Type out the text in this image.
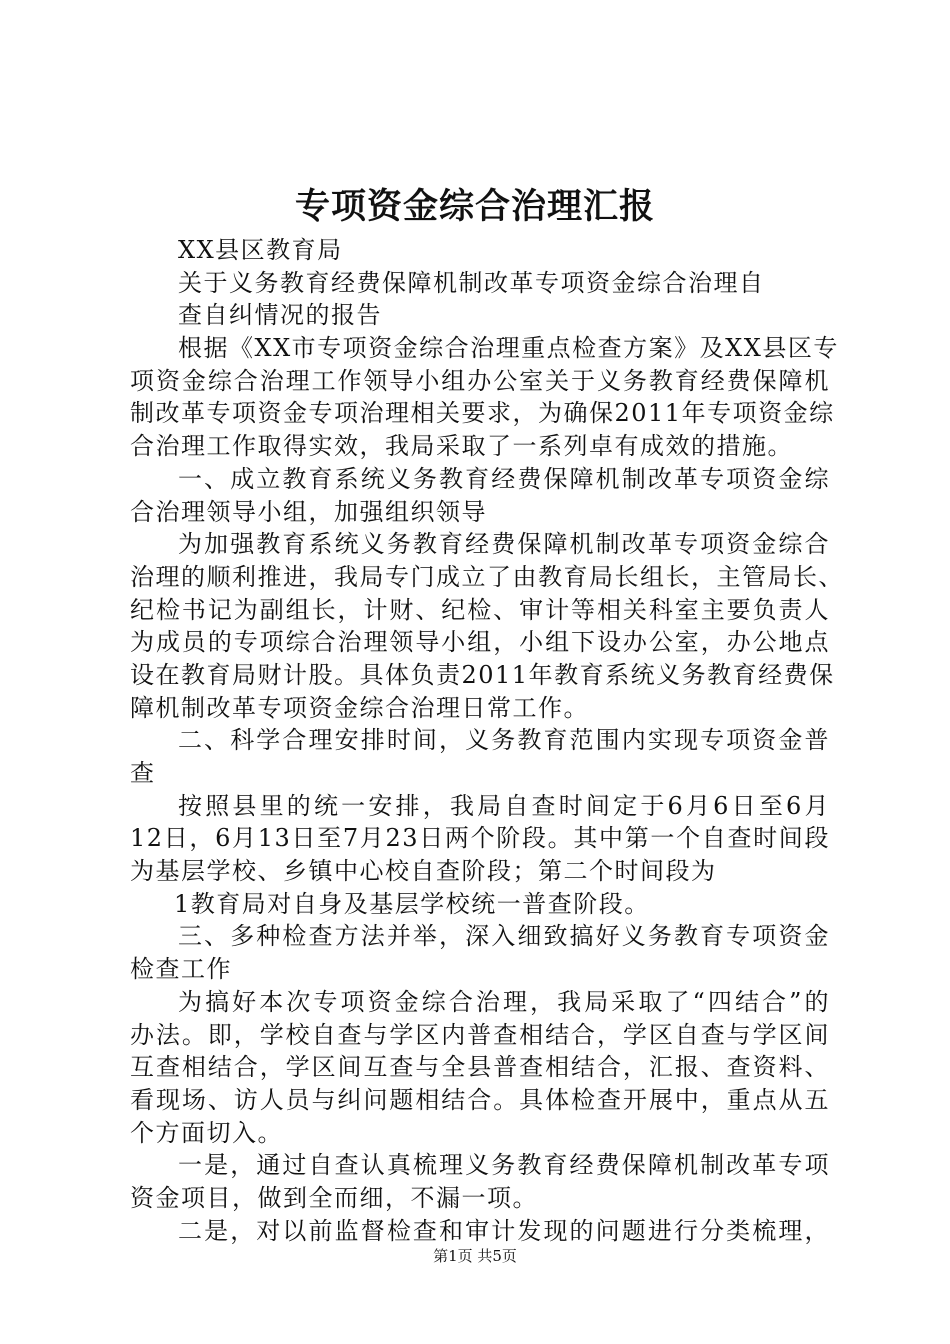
专项资金综合治理汇报
XX县区教育局
关于义务教育经费保障机制改革专项资金综合治理自
查自纠情况的报告
根据《XX市专项资金综合治理重点检查方案》及XX县区专
项资金综合治理工作领导小组办公室关于义务教育经费保障机
制改革专项资金专项治理相关要求，为确保2011年专项资金综
合治理工作取得实效，我局采取了一系列卓有成效的措施。
一、成立教育系统义务教育经费保障机制改革专项资金综
合治理领导小组，加强组织领导
为加强教育系统义务教育经费保障机制改革专项资金综合
治理的顺利推进，我局专门成立了由教育局长组长，主管局长、
纪检书记为副组长，计财、纪检、审计等相关科室主要负责人
为成员的专项综合治理领导小组，小组下设办公室，办公地点
设在教育局财计股。具体负责2011年教育系统义务教育经费保
障机制改革专项资金综合治理日常工作。
二、科学合理安排时间，义务教育范围内实现专项资金普
查
按照县里的统一安排，我局自查时间定于6月6日至6月
12日，6月13日至7月23日两个阶段。其中第一个自查时间段
为基层学校、乡镇中心校自查阶段；第二个时间段为
1教育局对自身及基层学校统一普查阶段。
三、多种检查方法并举，深入细致搞好义务教育专项资金
检查工作
为搞好本次专项资金综合治理，我局采取了“四结合”的
办法。即，学校自查与学区内普查相结合，学区自查与学区间
互查相结合，学区间互查与全县普查相结合，汇报、查资料、
看现场、访人员与纠问题相结合。具体检查开展中，重点从五
个方面切入。
一是，通过自查认真梳理义务教育经费保障机制改革专项
资金项目，做到全而细，不漏一项。
二是，对以前监督检查和审计发现的问题进行分类梳理，
第1页 共5页
